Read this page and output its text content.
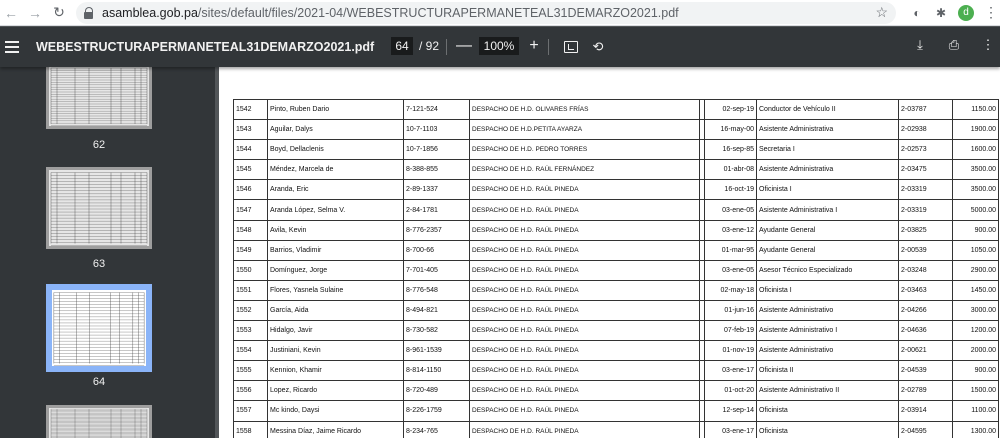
← → ↻	asamblea.gob.pa/sites/default/files/2021-04/WEBESTRUCTURAPERMANETEAL31DEMARZO2021.pdf	☆ ◐ ✱	d	⋮
WEBESTRUCTURAPERMANETEAL31DEMARZO2021.pdf	64 / 92 — 100% +	⟲	⤓	⎙ ⋮
62
63
64
1542	Pinto, Ruben Dario	7-121-524	DESPACHO DE H.D. OLIVARES FRÍAS		02-sep-19	Conductor de Vehículo II	2-03787	1150.00
1543	Aguilar, Dalys	10-7-1103	DESPACHO DE H.D.PETITA AYARZA		16-may-00	Asistente Administrativa	2-02938	1900.00
1544	Boyd, Dellaclenis	10-7-1856	DESPACHO DE H.D. PEDRO TORRES		16-sep-85	Secretaria I	2-02573	1600.00
1545	Méndez, Marcela de	8-388-855	DESPACHO DE H.D. RAÚL FERNÁNDEZ		01-abr-08	Asistente Administrativa	2-03475	3500.00
1546	Aranda, Eric	2-89-1337	DESPACHO DE H.D. RAÚL PINEDA		16-oct-19	Oficinista I	2-03319	3500.00
1547	Aranda López, Selma V.	2-84-1781	DESPACHO DE H.D. RAÚL PINEDA		03-ene-05	Asistente Administrativa I	2-03319	5000.00
1548	Avila, Kevin	8-776-2357	DESPACHO DE H.D. RAÚL PINEDA		03-ene-12	Ayudante General	2-03825	900.00
1549	Barrios, Vladimir	8-700-66	DESPACHO DE H.D. RAÚL PINEDA		01-mar-95	Ayudante General	2-00539	1050.00
1550	Domínguez, Jorge	7-701-405	DESPACHO DE H.D. RAÚL PINEDA		03-ene-05	Asesor Técnico Especializado	2-03248	2900.00
1551	Flores, Yasnela Sulaine	8-776-548	DESPACHO DE H.D. RAÚL PINEDA		02-may-18	Oficinista I	2-03463	1450.00
1552	García, Aida	8-494-821	DESPACHO DE H.D. RAÚL PINEDA		01-jun-16	Asistente Administrativo	2-04266	3000.00
1553	Hidalgo, Javir	8-730-582	DESPACHO DE H.D. RAÚL PINEDA		07-feb-19	Asistente Administrativo I	2-04636	1200.00
1554	Justiniani, Kevin	8-961-1539	DESPACHO DE H.D. RAÚL PINEDA		01-nov-19	Asistente Administrativo	2-00621	2000.00
1555	Kennion, Khamir	8-814-1150	DESPACHO DE H.D. RAÚL PINEDA		03-ene-17	Oficinista II	2-04539	900.00
1556	Lopez, Ricardo	8-720-489	DESPACHO DE H.D. RAÚL PINEDA		01-oct-20	Asistente Administrativo II	2-02789	1500.00
1557	Mc kindo, Daysi	8-226-1759	DESPACHO DE H.D. RAÚL PINEDA		12-sep-14	Oficinista	2-03914	1100.00
1558	Messina Díaz, Jaime Ricardo	8-234-765	DESPACHO DE H.D. RAÚL PINEDA		03-ene-17	Oficinista	2-04595	1300.00
